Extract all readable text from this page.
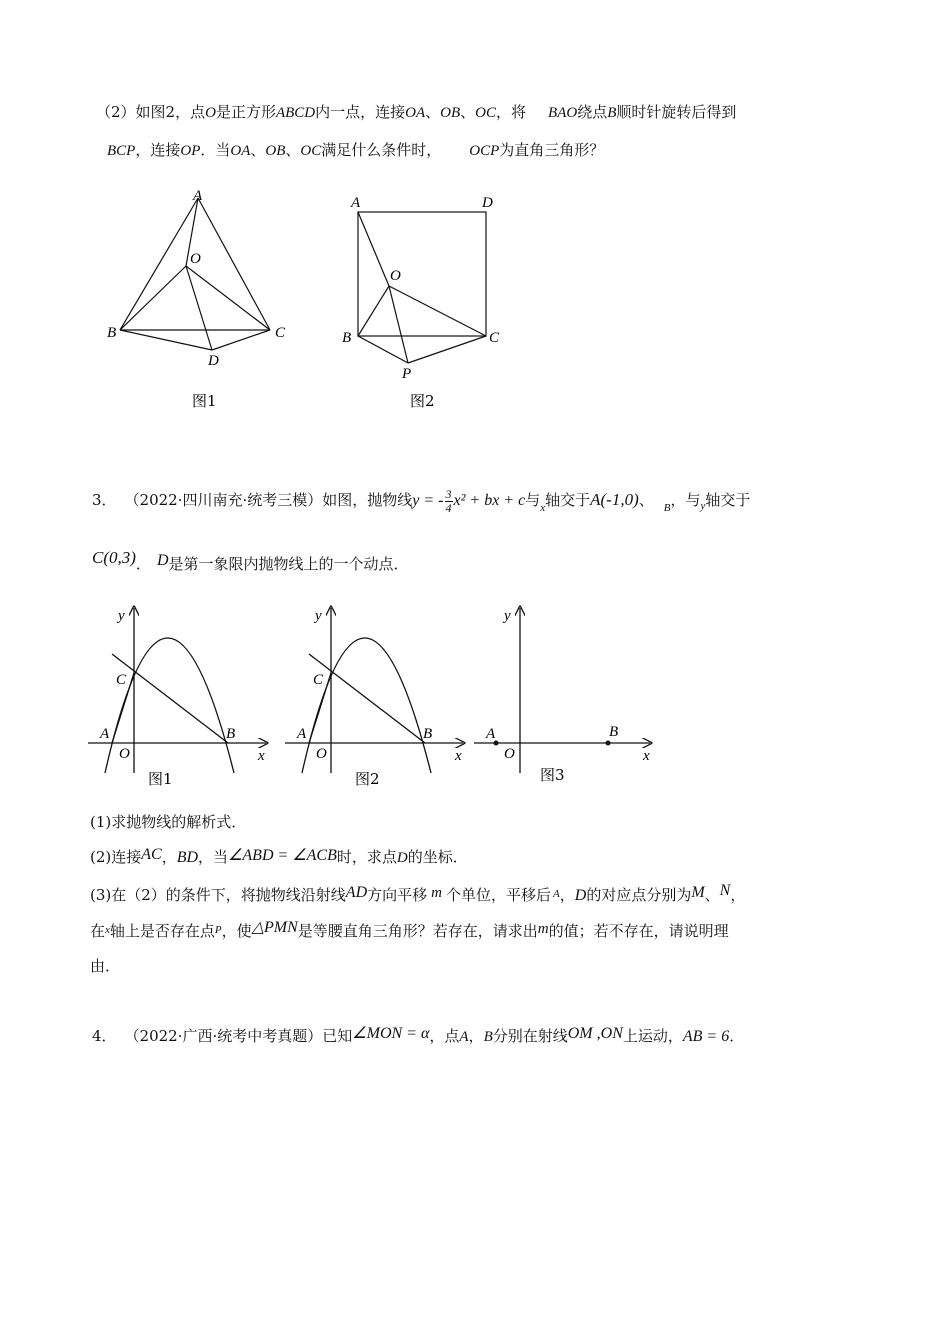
（2）如图2，点O是正方形ABCD内一点，连接OA、OB、OC，将 BAO绕点B顺时针旋转后得到
BCP，连接OP．当OA、OB、OC满足什么条件时， OCP为直角三角形？
A
O
B	C
D
图1
A	D
O
B	C
P
图2
3． （2022·四川南充·统考三模）如图，抛物线y = - $\frac{3}{4} x^2$ + bx + c与$_x$轴交于A(-1,0)、 $_B$，与$_y$轴交于
C(0,3)． D是第一象限内抛物线上的一个动点．
y
x
C
A	B
O
图1
y
x
C
A	B
O
图2
y
x
A	B
O
图3
(1)求抛物线的解析式．
(2)连接AC，BD，当∠ABD = ∠ACB时，求点D的坐标．
(3)在（2）的条件下，将抛物线沿射线AD方向平移 m 个单位，平移后 $^A$，D的对应点分别为M、N，
在$^x$轴上是否存在点$^P$，使△PMN是等腰直角三角形？若存在，请求出m的值；若不存在，请说明理
由．
4． （2022·广西·统考中考真题）已知∠MON = α，点A，B分别在射线OM ,ON上运动，AB = 6．
